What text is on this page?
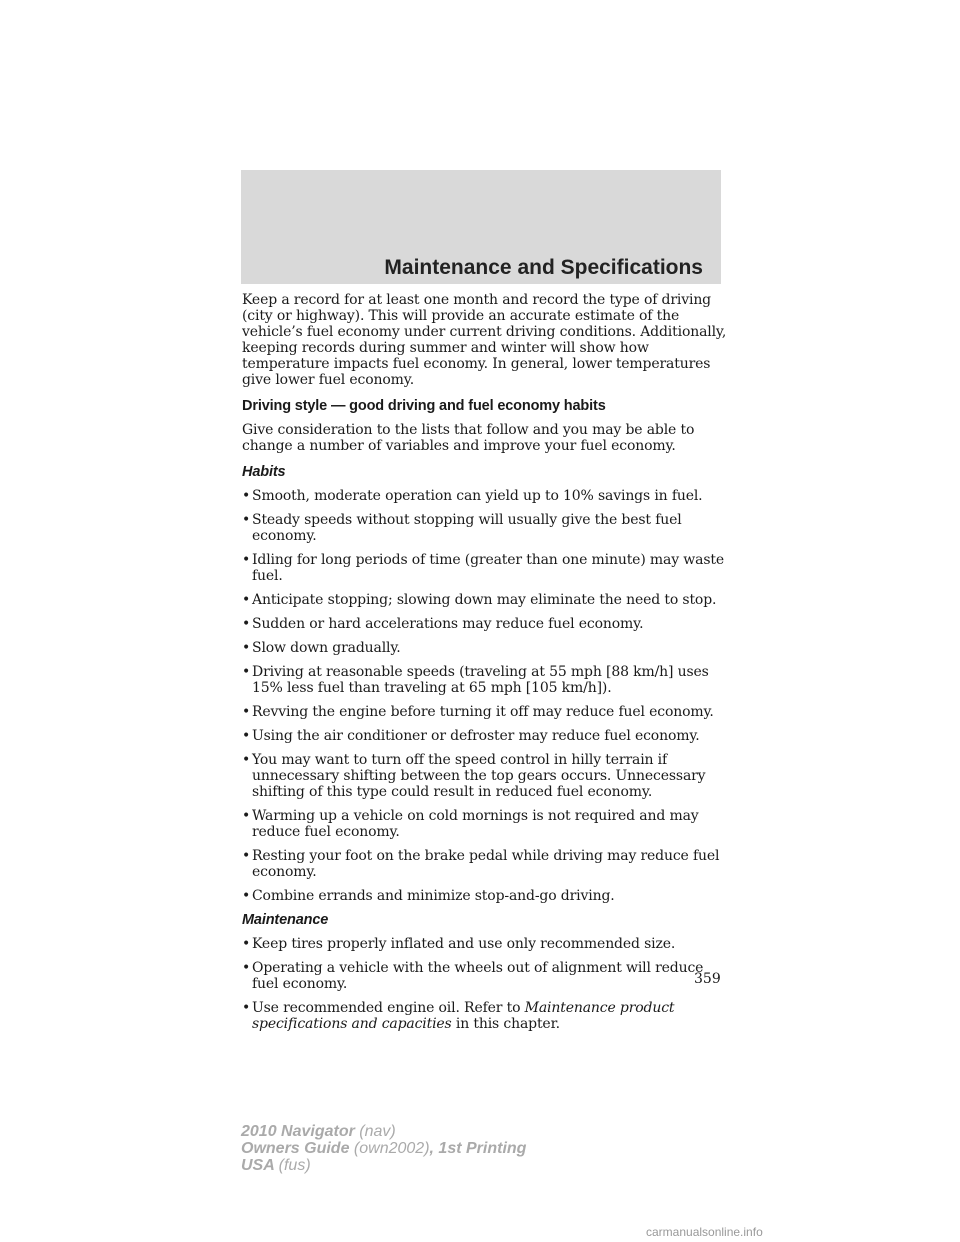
Maintenance and Specifications

Keep a record for at least one month and record the type of driving (city or highway). This will provide an accurate estimate of the vehicle’s fuel economy under current driving conditions. Additionally, keeping records during summer and winter will show how temperature impacts fuel economy. In general, lower temperatures give lower fuel economy.

Driving style — good driving and fuel economy habits

Give consideration to the lists that follow and you may be able to change a number of variables and improve your fuel economy.

Habits
• Smooth, moderate operation can yield up to 10% savings in fuel.
• Steady speeds without stopping will usually give the best fuel economy.
• Idling for long periods of time (greater than one minute) may waste fuel.
• Anticipate stopping; slowing down may eliminate the need to stop.
• Sudden or hard accelerations may reduce fuel economy.
• Slow down gradually.
• Driving at reasonable speeds (traveling at 55 mph [88 km/h] uses 15% less fuel than traveling at 65 mph [105 km/h]).
• Revving the engine before turning it off may reduce fuel economy.
• Using the air conditioner or defroster may reduce fuel economy.
• You may want to turn off the speed control in hilly terrain if unnecessary shifting between the top gears occurs. Unnecessary shifting of this type could result in reduced fuel economy.
• Warming up a vehicle on cold mornings is not required and may reduce fuel economy.
• Resting your foot on the brake pedal while driving may reduce fuel economy.
• Combine errands and minimize stop-and-go driving.
Maintenance
• Keep tires properly inflated and use only recommended size.
• Operating a vehicle with the wheels out of alignment will reduce fuel economy.
• Use recommended engine oil. Refer to Maintenance product specifications and capacities in this chapter.
359
2010 Navigator (nav)
Owners Guide (own2002), 1st Printing
USA (fus)
carmanualsonline.info
